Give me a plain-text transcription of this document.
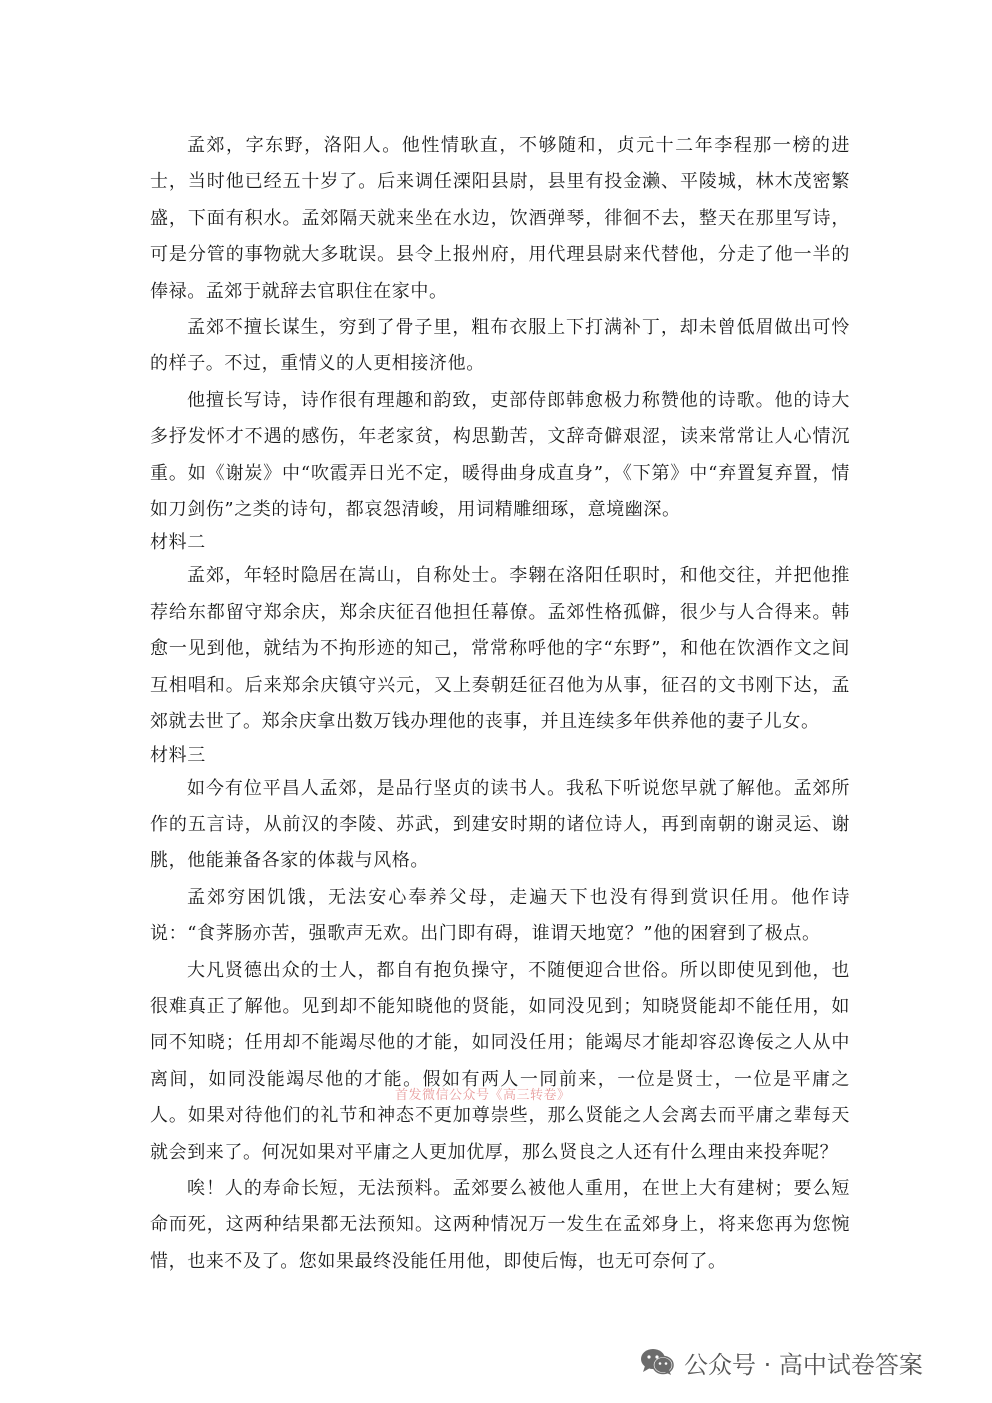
孟郊，字东野，洛阳人。他性情耿直，不够随和，贞元十二年李程那一榜的进士，当时他已经五十岁了。后来调任溧阳县尉，县里有投金濑、平陵城，林木茂密繁盛，下面有积水。孟郊隔天就来坐在水边，饮酒弹琴，徘徊不去，整天在那里写诗，可是分管的事物就大多耽误。县令上报州府，用代理县尉来代替他，分走了他一半的俸禄。孟郊于就辞去官职住在家中。

孟郊不擅长谋生，穷到了骨子里，粗布衣服上下打满补丁，却未曾低眉做出可怜的样子。不过，重情义的人更相接济他。

他擅长写诗，诗作很有理趣和韵致，吏部侍郎韩愈极力称赞他的诗歌。他的诗大多抒发怀才不遇的感伤，年老家贫，构思勤苦，文辞奇僻艰涩，读来常常让人心情沉重。如《谢炭》中“吹霞弄日光不定，暖得曲身成直身”，《下第》中“弃置复弃置，情如刀剑伤”之类的诗句，都哀怨清峻，用词精雕细琢，意境幽深。

材料二

孟郊，年轻时隐居在嵩山，自称处士。李翱在洛阳任职时，和他交往，并把他推荐给东都留守郑余庆，郑余庆征召他担任幕僚。孟郊性格孤僻，很少与人合得来。韩愈一见到他，就结为不拘形迹的知己，常常称呼他的字“东野”，和他在饮酒作文之间互相唱和。后来郑余庆镇守兴元，又上奏朝廷征召他为从事，征召的文书刚下达，孟郊就去世了。郑余庆拿出数万钱办理他的丧事，并且连续多年供养他的妻子儿女。

材料三

如今有位平昌人孟郊，是品行坚贞的读书人。我私下听说您早就了解他。孟郊所作的五言诗，从前汉的李陵、苏武，到建安时期的诸位诗人，再到南朝的谢灵运、谢朓，他能兼备各家的体裁与风格。

孟郊穷困饥饿，无法安心奉养父母，走遍天下也没有得到赏识任用。他作诗说：“食荠肠亦苦，强歌声无欢。出门即有碍，谁谓天地宽？”他的困窘到了极点。

大凡贤德出众的士人，都自有抱负操守，不随便迎合世俗。所以即使见到他，也很难真正了解他。见到却不能知晓他的贤能，如同没见到；知晓贤能却不能任用，如同不知晓；任用却不能竭尽他的才能，如同没任用；能竭尽才能却容忍谗佞之人从中离间，如同没能竭尽他的才能。假如有两人一同前来，一位是贤士，一位是平庸之人。如果对待他们的礼节和神态不更加尊崇些，那么贤能之人会离去而平庸之辈每天就会到来了。何况如果对平庸之人更加优厚，那么贤良之人还有什么理由来投奔呢？

唉！人的寿命长短，无法预料。孟郊要么被他人重用，在世上大有建树；要么短命而死，这两种结果都无法预知。这两种情况万一发生在孟郊身上，将来您再为您惋惜，也来不及了。您如果最终没能任用他，即使后悔，也无可奈何了。

首发微信公众号《高三转卷》
公众号 · 高中试卷答案
